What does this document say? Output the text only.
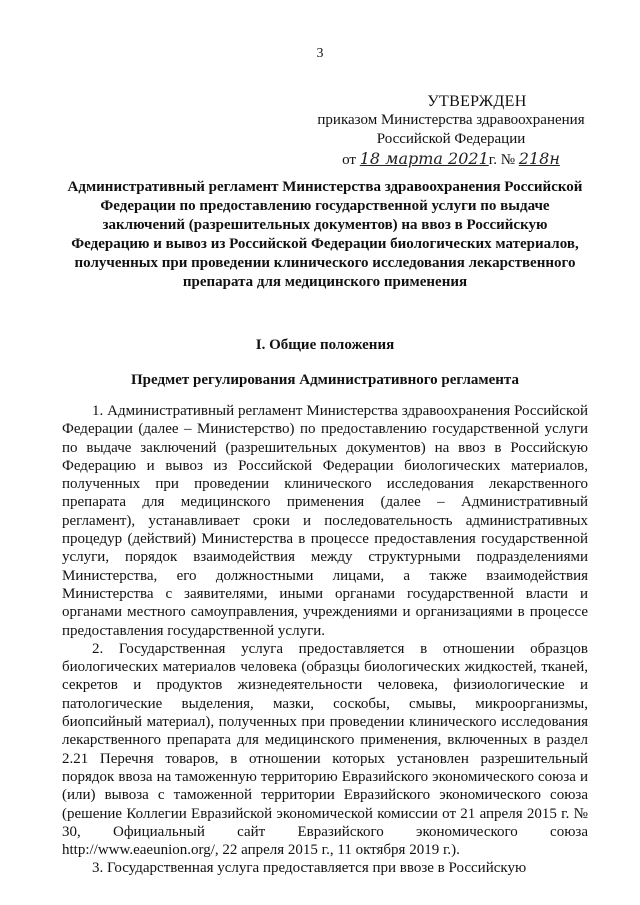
3
УТВЕРЖДЕН
приказом Министерства здравоохранения
Российской Федерации
от 18 марта 2021г. № 218н
Административный регламент Министерства здравоохранения Российской Федерации по предоставлению государственной услуги по выдаче заключений (разрешительных документов) на ввоз в Российскую Федерацию и вывоз из Российской Федерации биологических материалов, полученных при проведении клинического исследования лекарственного препарата для медицинского применения
I. Общие положения
Предмет регулирования Административного регламента

1. Административный регламент Министерства здравоохранения Российской Федерации (далее – Министерство) по предоставлению государственной услуги по выдаче заключений (разрешительных документов) на ввоз в Российскую Федерацию и вывоз из Российской Федерации биологических материалов, полученных при проведении клинического исследования лекарственного препарата для медицинского применения (далее – Административный регламент), устанавливает сроки и последовательность административных процедур (действий) Министерства в процессе предоставления государственной услуги, порядок взаимодействия между структурными подразделениями Министерства, его должностными лицами, а также взаимодействия Министерства с заявителями, иными органами государственной власти и органами местного самоуправления, учреждениями и организациями в процессе предоставления государственной услуги.

2. Государственная услуга предоставляется в отношении образцов биологических материалов человека (образцы биологических жидкостей, тканей, секретов и продуктов жизнедеятельности человека, физиологические и патологические выделения, мазки, соскобы, смывы, микроорганизмы, биопсийный материал), полученных при проведении клинического исследования лекарственного препарата для медицинского применения, включенных в раздел 2.21 Перечня товаров, в отношении которых установлен разрешительный порядок ввоза на таможенную территорию Евразийского экономического союза и (или) вывоза с таможенной территории Евразийского экономического союза (решение Коллегии Евразийской экономической комиссии от 21 апреля 2015 г. № 30, Официальный сайт Евразийского экономического союза http://www.eaeunion.org/, 22 апреля 2015 г., 11 октября 2019 г.).

3. Государственная услуга предоставляется при ввозе в Российскую
